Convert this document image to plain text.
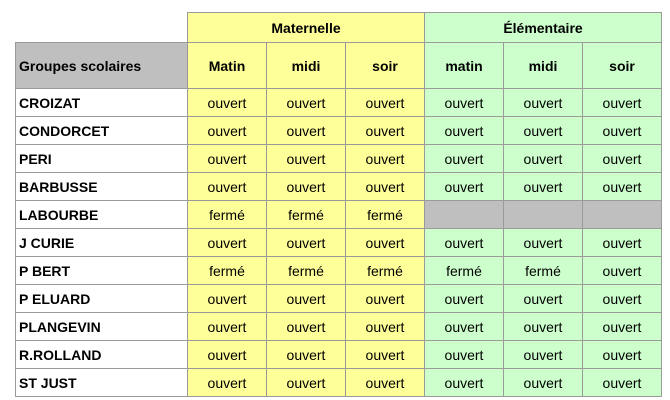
	Maternelle			Élémentaire		
Groupes scolaires	Matin	midi	soir	matin	midi	soir
CROIZAT	ouvert	ouvert	ouvert	ouvert	ouvert	ouvert
CONDORCET	ouvert	ouvert	ouvert	ouvert	ouvert	ouvert
PERI	ouvert	ouvert	ouvert	ouvert	ouvert	ouvert
BARBUSSE	ouvert	ouvert	ouvert	ouvert	ouvert	ouvert
LABOURBE	fermé	fermé	fermé			
J CURIE	ouvert	ouvert	ouvert	ouvert	ouvert	ouvert
P BERT	fermé	fermé	fermé	fermé	fermé	ouvert
P ELUARD	ouvert	ouvert	ouvert	ouvert	ouvert	ouvert
PLANGEVIN	ouvert	ouvert	ouvert	ouvert	ouvert	ouvert
R.ROLLAND	ouvert	ouvert	ouvert	ouvert	ouvert	ouvert
ST JUST	ouvert	ouvert	ouvert	ouvert	ouvert	ouvert
